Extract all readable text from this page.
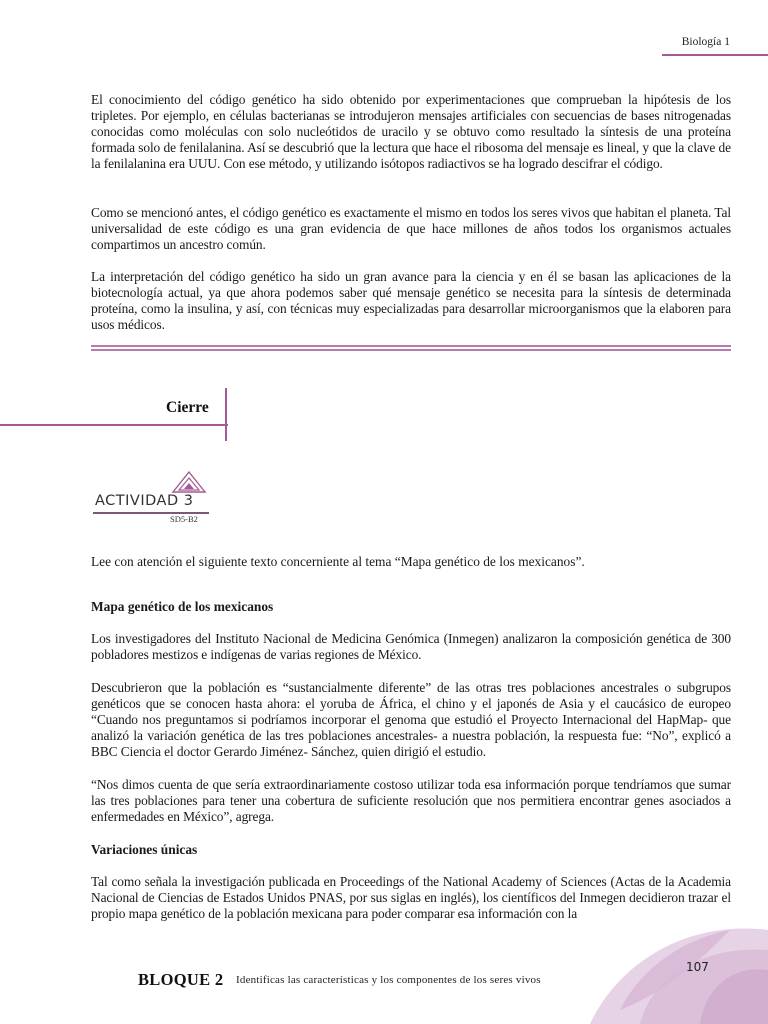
Biología 1

El conocimiento del código genético ha sido obtenido por experimentaciones que comprueban la hipótesis de los tripletes. Por ejemplo, en células bacterianas se introdujeron mensajes artificiales con secuencias de bases nitrogenadas conocidas como moléculas con solo nucleótidos de uracilo y se obtuvo como resultado la síntesis de una proteína formada solo de fenilalanina. Así se descubrió que la lectura que hace el ribosoma del mensaje es lineal, y que la clave de la fenilalanina era UUU. Con ese método, y utilizando isótopos radiactivos se ha logrado descifrar el código.

Como se mencionó antes, el código genético es exactamente el mismo en todos los seres vivos que habitan el planeta. Tal universalidad de este código es una gran evidencia de que hace millones de años todos los organismos actuales compartimos un ancestro común.

La interpretación del código genético ha sido un gran avance para la ciencia y en él se basan las aplicaciones de la biotecnología actual, ya que ahora podemos saber qué mensaje genético se necesita para la síntesis de determinada proteína, como la insulina, y así, con técnicas muy especializadas para desarrollar microorganismos que la elaboren para usos médicos.

Cierre
ACTIVIDAD 3
SD5-B2

Lee con atención el siguiente texto concerniente al tema “Mapa genético de los mexicanos”.

Mapa genético de los mexicanos

Los investigadores del Instituto Nacional de Medicina Genómica (Inmegen) analizaron la composición genética de 300 pobladores mestizos e indígenas de varias regiones de México.

Descubrieron que la población es “sustancialmente diferente” de las otras tres poblaciones ancestrales o subgrupos genéticos que se conocen hasta ahora: el yoruba de África, el chino y el japonés de Asia y el caucásico de europeo “Cuando nos preguntamos si podríamos incorporar el genoma que estudió el Proyecto Internacional del HapMap- que analizó la variación genética de las tres poblaciones ancestrales- a nuestra población, la respuesta fue: “No”, explicó a BBC Ciencia el doctor Gerardo Jiménez- Sánchez, quien dirigió el estudio.

“Nos dimos cuenta de que sería extraordinariamente costoso utilizar toda esa información porque tendríamos que sumar las tres poblaciones para tener una cobertura de suficiente resolución que nos permitiera encontrar genes asociados a enfermedades en México”, agrega.

Variaciones únicas

Tal como señala la investigación publicada en Proceedings of the National Academy of Sciences (Actas de la Academia Nacional de Ciencias de Estados Unidos PNAS, por sus siglas en inglés), los científicos del Inmegen decidieron trazar el propio mapa genético de la población mexicana para poder comparar esa información con la

107
BLOQUE 2 Identificas las características y los componentes de los seres vivos
